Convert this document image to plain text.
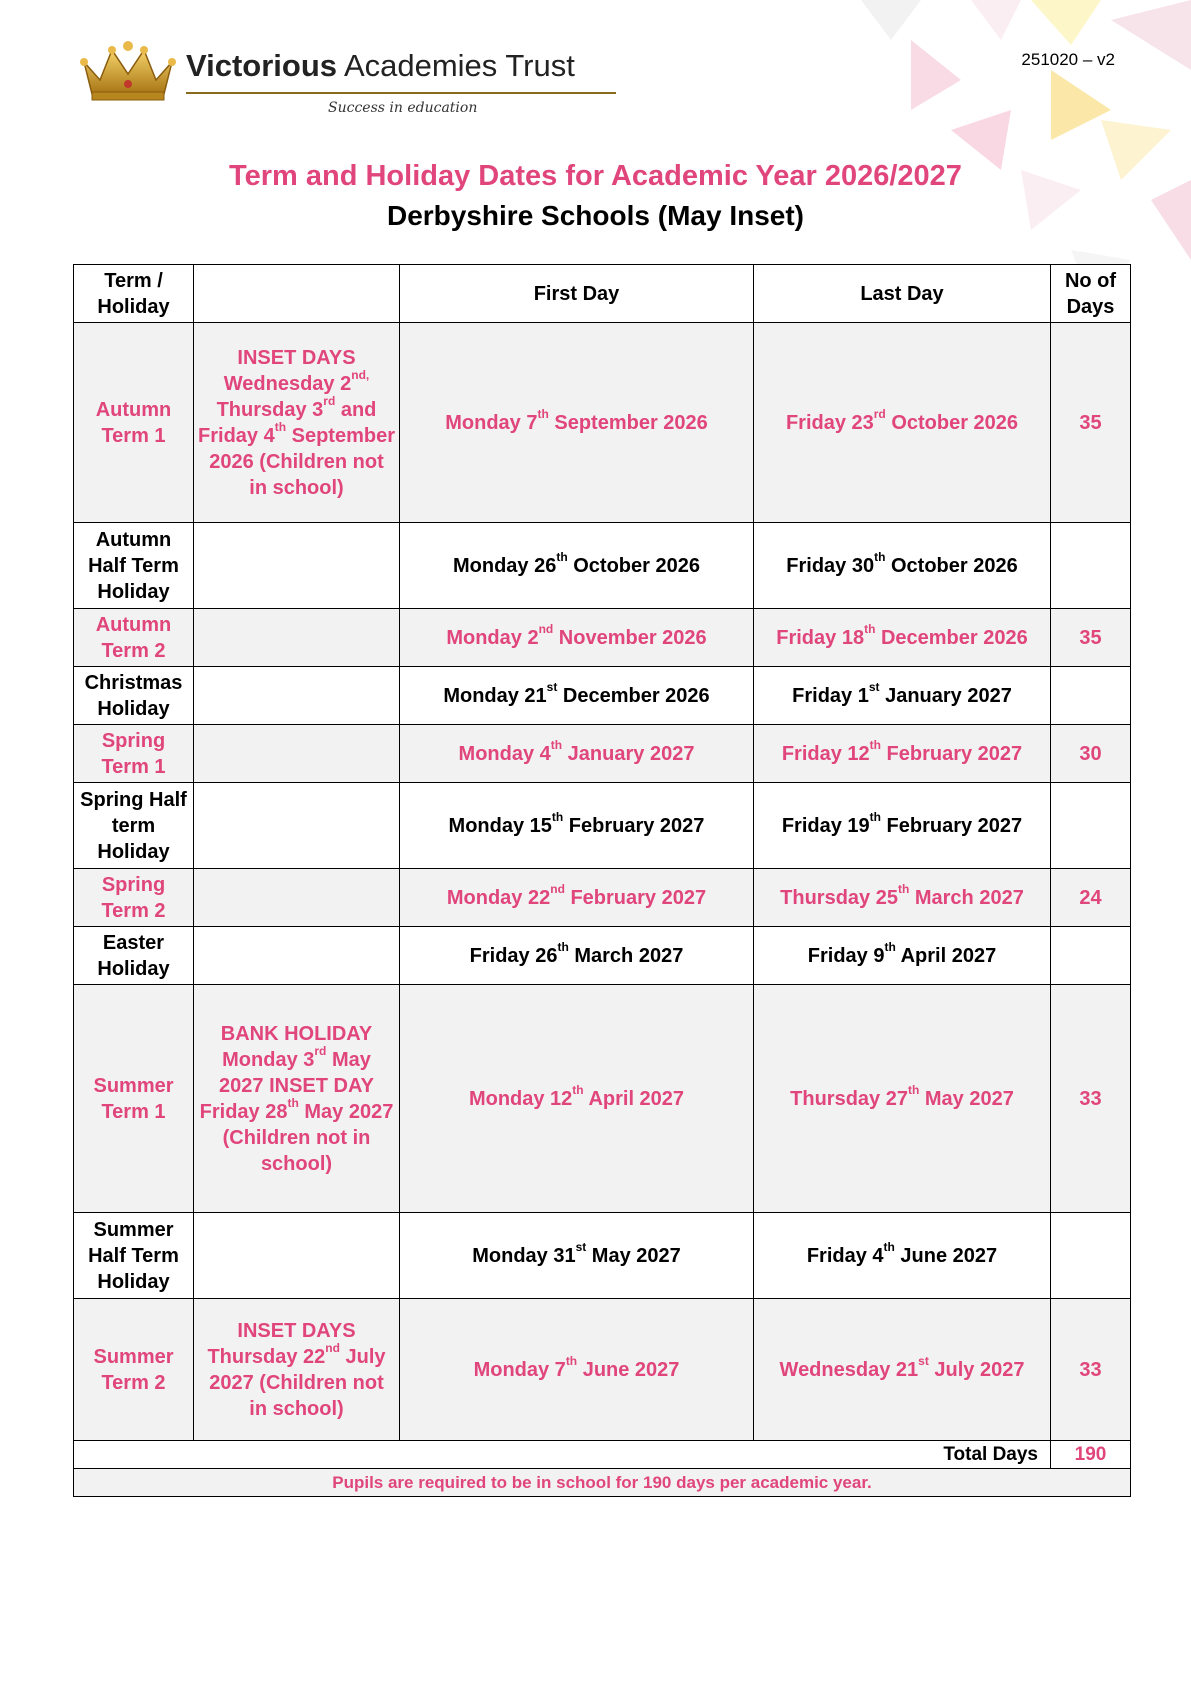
Victorious Academies Trust
Success in education
251020 – v2
Term and Holiday Dates for Academic Year 2026/2027
Derbyshire Schools (May Inset)
Term / Holiday		First Day	Last Day	No of Days
Autumn Term 1	INSET DAYS Wednesday $2^{nd,}$ Thursday 3rd and Friday 4th September 2026 (Children not in school)	Monday 7th September 2026	Friday 23rd October 2026	35
Autumn Half Term Holiday		Monday 26th October 2026	Friday 30th October 2026	
Autumn Term 2		Monday 2nd November 2026	Friday 18th December 2026	35
Christmas Holiday		Monday 21st December 2026	Friday 1st January 2027	
Spring Term 1		Monday 4th January 2027	Friday 12th February 2027	30
Spring Half term Holiday		Monday 15th February 2027	Friday 19th February 2027	
Spring Term 2		Monday 22nd February 2027	Thursday 25th March 2027	24
Easter Holiday		Friday 26th March 2027	Friday 9th April 2027	
Summer Term 1	BANK HOLIDAY Monday 3rd May 2027 INSET DAY Friday 28th May 2027 (Children not in school)	Monday 12th April 2027	Thursday 27th May 2027	33
Summer Half Term Holiday		Monday 31st May 2027	Friday 4th June 2027	
Summer Term 2	INSET DAYS Thursday 22nd July 2027 (Children not in school)	Monday 7th June 2027	Wednesday 21st July 2027	33
Total Days				190
Pupils are required to be in school for 190 days per academic year.				
